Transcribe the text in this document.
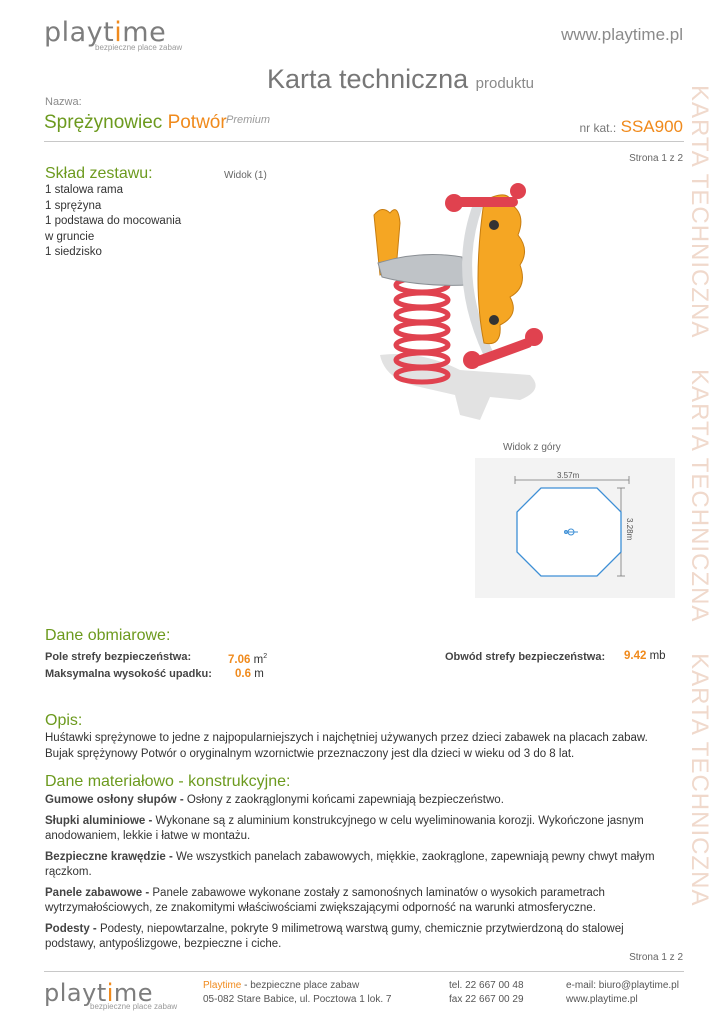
playtime
bezpieczne place zabaw
www.playtime.pl
Karta techniczna produktu
Nazwa:
Sprężynowiec Potwór Premium
nr kat.: SSA900
Strona 1 z 2 KARTA TECHNICZNA    KARTA TECHNICZNA    KARTA TECHNICZNA
Skład zestawu:
1 stalowa rama
1 sprężyna
1 podstawa do mocowania
w gruncie
1 siedzisko
Widok (1)
Widok z góry
3.57m
3.28m
Dane obmiarowe:
Pole strefy bezpieczeństwa:	7.06 $m^2$
Maksymalna wysokość upadku: 0.6 m
Obwód strefy bezpieczeństwa: 9.42 mb
Opis:
Huśtawki sprężynowe to jedne z najpopularniejszych i najchętniej używanych przez dzieci zabawek na placach zabaw.
Bujak sprężynowy Potwór o oryginalnym wzornictwie przeznaczony jest dla dzieci w wieku od 3 do 8 lat.
Dane materiałowo - konstrukcyjne:
Gumowe osłony słupów - Osłony z zaokrąglonymi końcami zapewniają bezpieczeństwo.
Słupki aluminiowe - Wykonane są z aluminium konstrukcyjnego w celu wyeliminowania korozji. Wykończone jasnym anodowaniem, lekkie i łatwe w montażu.
Bezpieczne krawędzie - We wszystkich panelach zabawowych, miękkie, zaokrąglone, zapewniają pewny chwyt małym rączkom.
Panele zabawowe - Panele zabawowe wykonane zostały z samonośnych laminatów o wysokich parametrach wytrzymałościowych, ze znakomitymi właściwościami zwiększającymi odporność na warunki atmosferyczne.
Podesty - Podesty, niepowtarzalne, pokryte 9 milimetrową warstwą gumy, chemicznie przytwierdzoną do stalowej podstawy, antypoślizgowe, bezpieczne i ciche.
Strona 1 z 2
playtime
bezpieczne place zabaw
Playtime - bezpieczne place zabaw
05-082 Stare Babice, ul. Pocztowa 1 lok. 7
tel. 22 667 00 48
fax 22 667 00 29
e-mail: biuro@playtime.pl
www.playtime.pl
